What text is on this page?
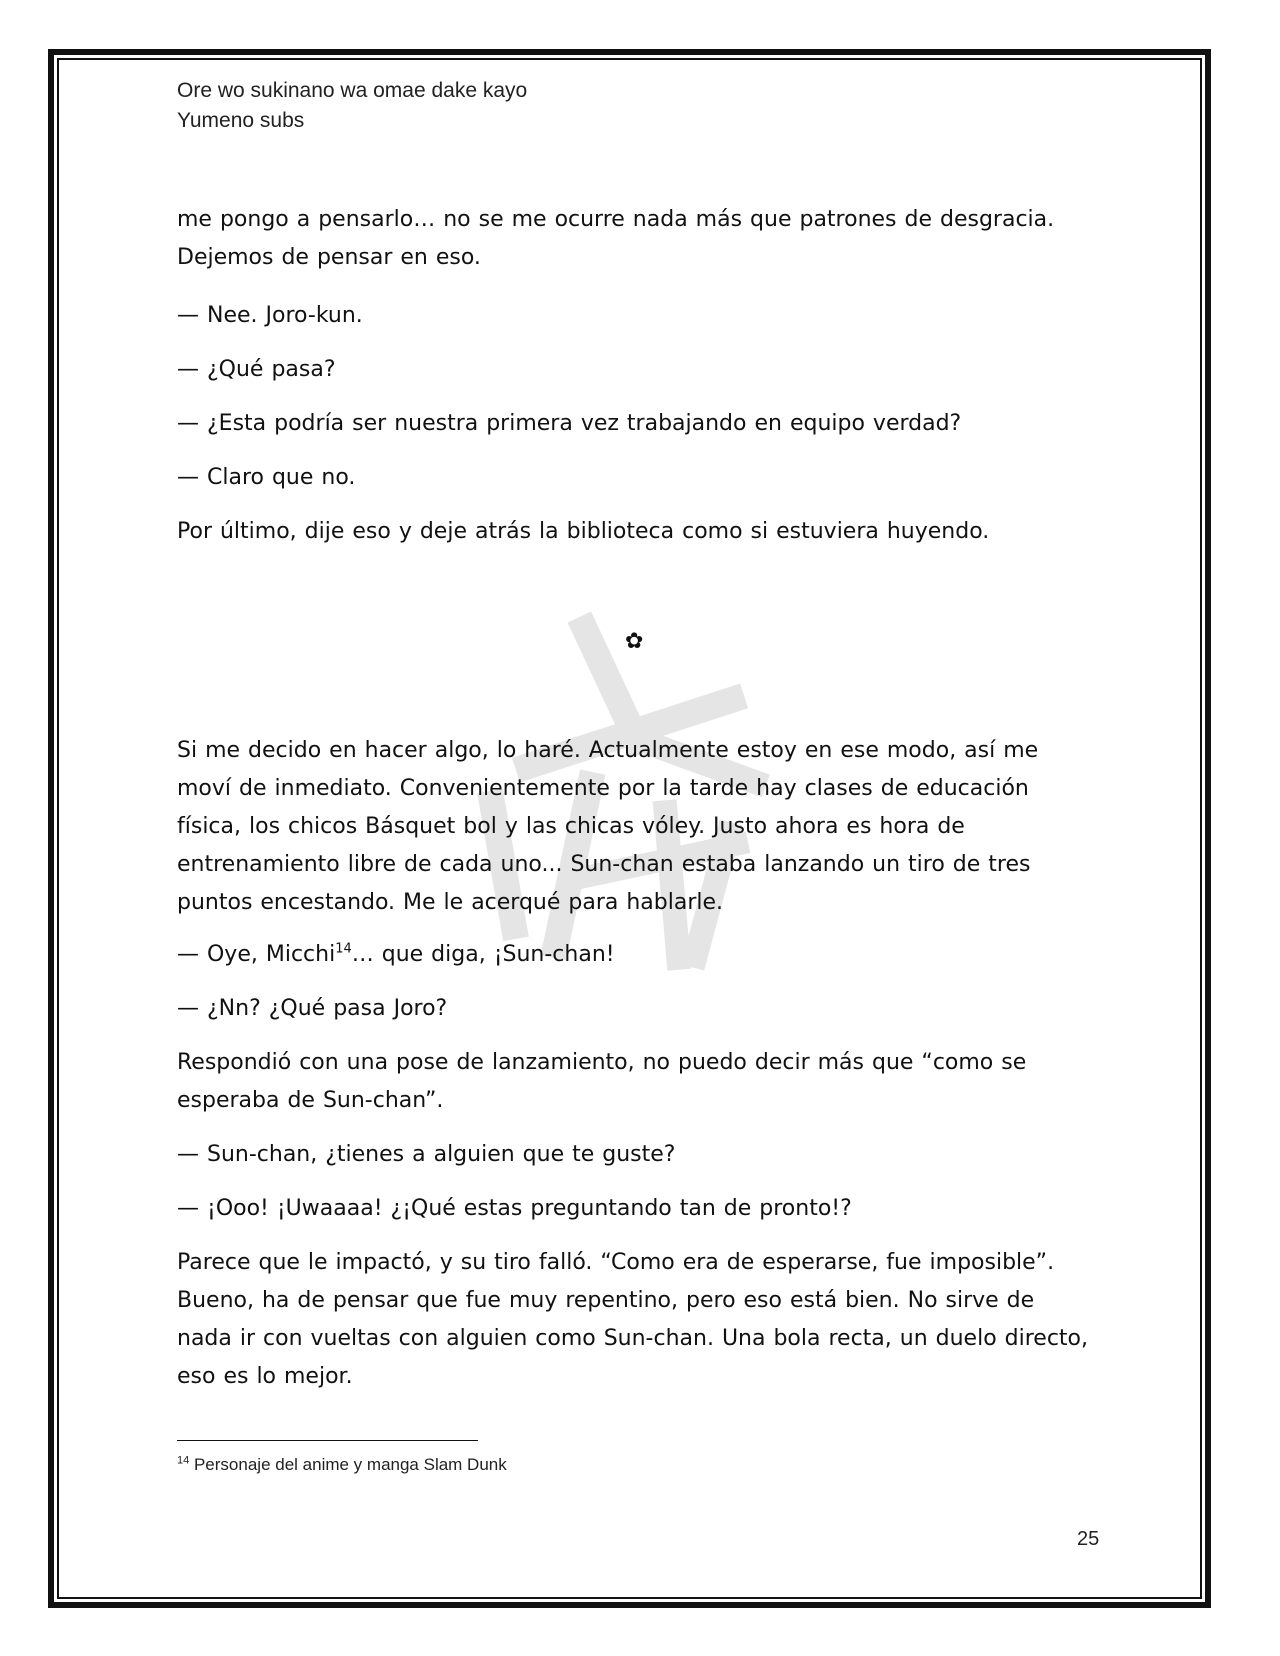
Ore wo sukinano wa omae dake kayo
Yumeno subs

me pongo a pensarlo… no se me ocurre nada más que patrones de desgracia. Dejemos de pensar en eso.

— Nee. Joro-kun.

— ¿Qué pasa?

— ¿Esta podría ser nuestra primera vez trabajando en equipo verdad?

— Claro que no.

Por último, dije eso y deje atrás la biblioteca como si estuviera huyendo.

✿

Si me decido en hacer algo, lo haré. Actualmente estoy en ese modo, así me moví de inmediato. Convenientemente por la tarde hay clases de educación física, los chicos Básquet bol y las chicas vóley. Justo ahora es hora de entrenamiento libre de cada uno... Sun-chan estaba lanzando un tiro de tres puntos encestando. Me le acerqué para hablarle.

— Oye, Micchi$^{14}$… que diga, ¡Sun-chan!

— ¿Nn? ¿Qué pasa Joro?

Respondió con una pose de lanzamiento, no puedo decir más que “como se esperaba de Sun-chan”.

— Sun-chan, ¿tienes a alguien que te guste?

— ¡Ooo! ¡Uwaaaa! ¿¡Qué estas preguntando tan de pronto!?

Parece que le impactó, y su tiro falló. “Como era de esperarse, fue imposible”. Bueno, ha de pensar que fue muy repentino, pero eso está bien. No sirve de nada ir con vueltas con alguien como Sun-chan. Una bola recta, un duelo directo, eso es lo mejor.

$^{14}$ Personaje del anime y manga Slam Dunk
25
